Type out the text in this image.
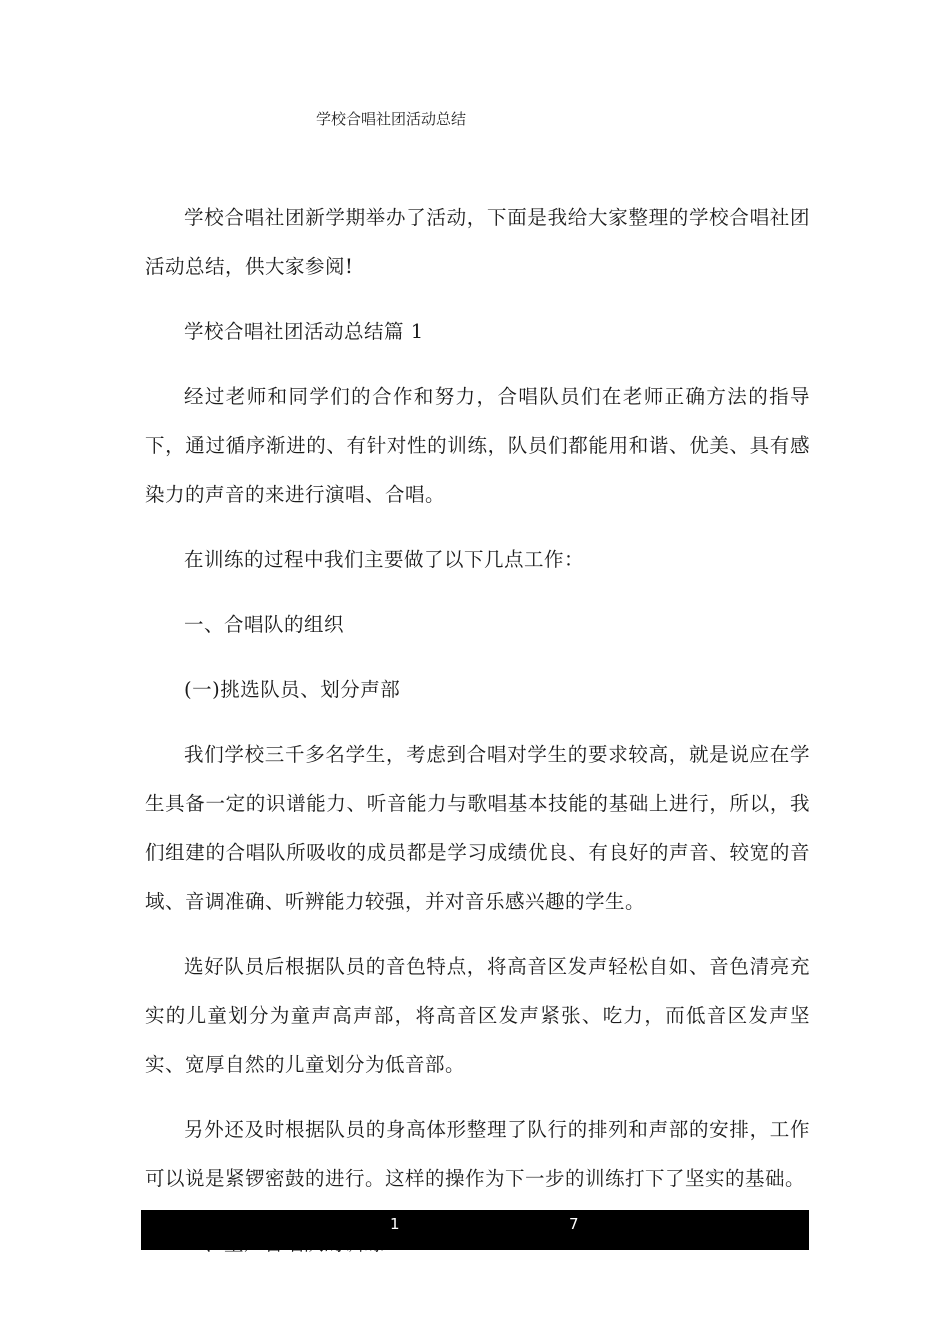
学校合唱社团活动总结

学校合唱社团新学期举办了活动，下面是我给大家整理的学校合唱社团活动总结，供大家参阅!

学校合唱社团活动总结篇 1

经过老师和同学们的合作和努力，合唱队员们在老师正确方法的指导下，通过循序渐进的、有针对性的训练，队员们都能用和谐、优美、具有感染力的声音的来进行演唱、合唱。

在训练的过程中我们主要做了以下几点工作：

一、合唱队的组织

(一)挑选队员、划分声部

我们学校三千多名学生，考虑到合唱对学生的要求较高，就是说应在学生具备一定的识谱能力、听音能力与歌唱基本技能的基础上进行，所以，我们组建的合唱队所吸收的成员都是学习成绩优良、有良好的声音、较宽的音域、音调准确、听辨能力较强，并对音乐感兴趣的学生。

选好队员后根据队员的音色特点，将高音区发声轻松自如、音色清亮充实的儿童划分为童声高声部，将高音区发声紧张、吃力，而低音区发声坚实、宽厚自然的儿童划分为低音部。

另外还及时根据队员的身高体形整理了队行的排列和声部的安排，工作可以说是紧锣密鼓的进行。这样的操作为下一步的训练打下了坚实的基础。

1	7
